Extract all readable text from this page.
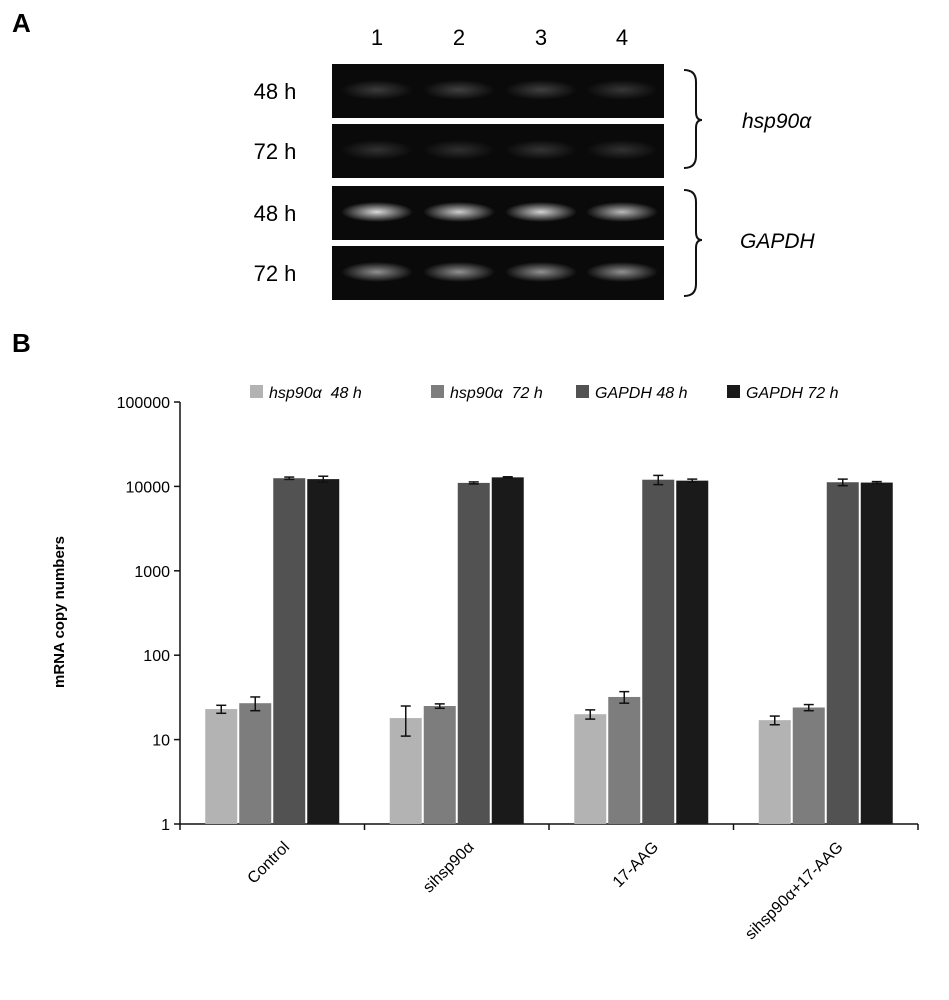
A	1	2	3	4
48 h
72 h
48 h
72 h
hsp90α
GAPDH
B
hsp90α  48 h	hsp90α  72 h	GAPDH 48 h	GAPDH 72 h
1
10
100
1000
10000
100000
Control	sihsp90α	17-AAG	sihsp90α+17-AAG
mRNA copy numbers
